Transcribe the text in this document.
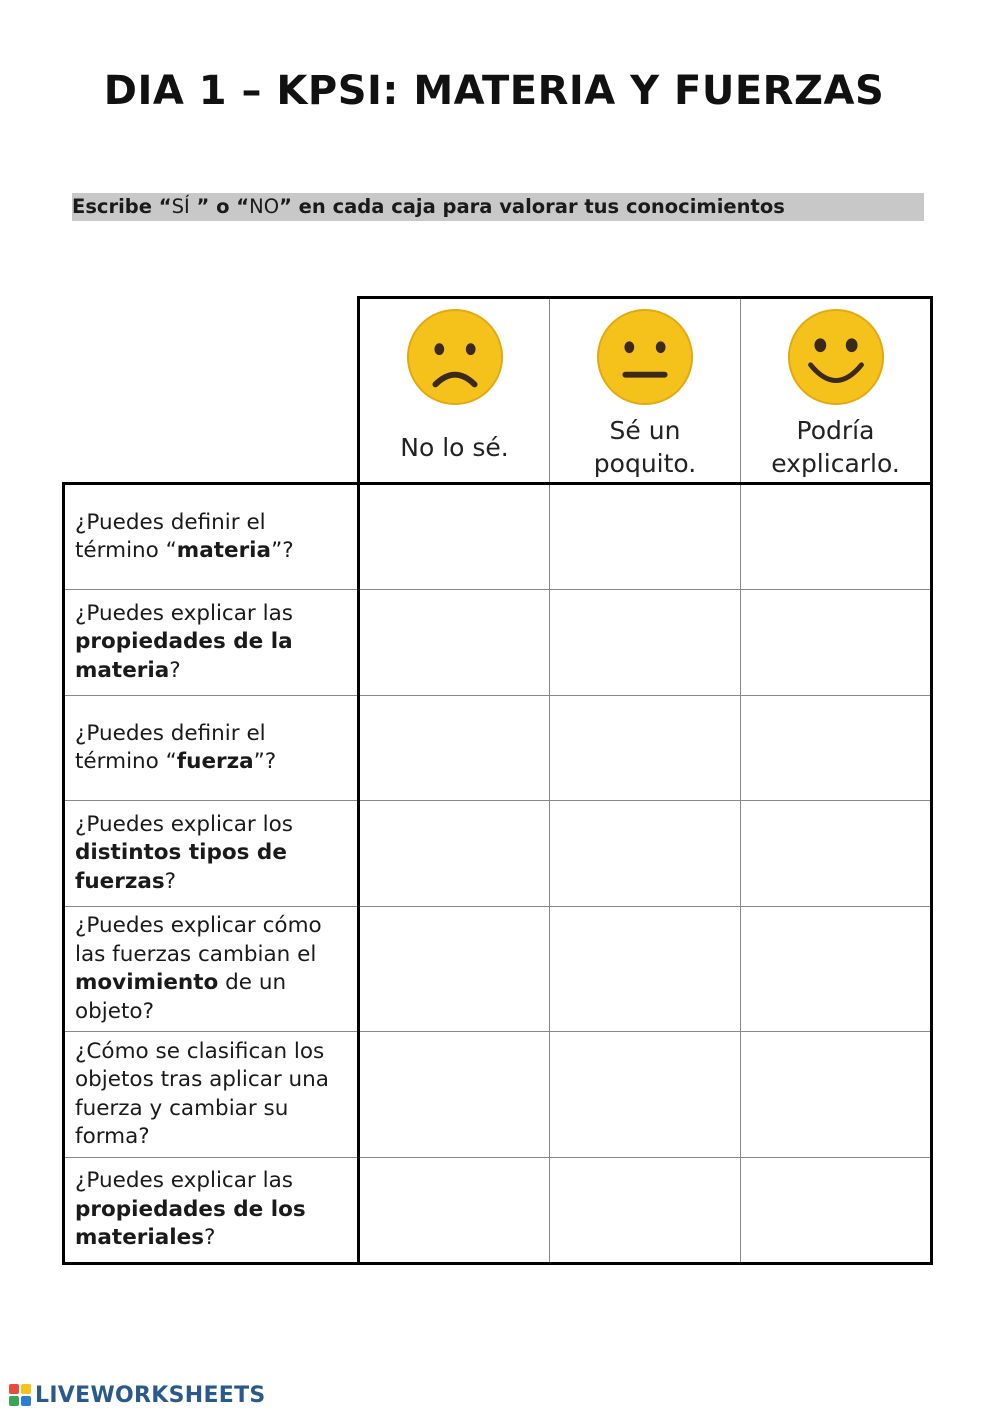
DIA 1 – KPSI: MATERIA Y FUERZAS
Escribe “SÍ ” o “NO” en cada caja para valorar tus conocimientos

	No lo sé.	Sé un poquito.	Podría explicarlo.

¿Puedes definir el término “materia”?			
¿Puedes explicar las propiedades de la materia?			
¿Puedes definir el término “fuerza”?			
¿Puedes explicar los distintos tipos de fuerzas?			
¿Puedes explicar cómo las fuerzas cambian el movimiento de un objeto?			
¿Cómo se clasifican los objetos tras aplicar una fuerza y cambiar su forma?			
¿Puedes explicar las propiedades de los materiales?			
LIVEWORKSHEETS
